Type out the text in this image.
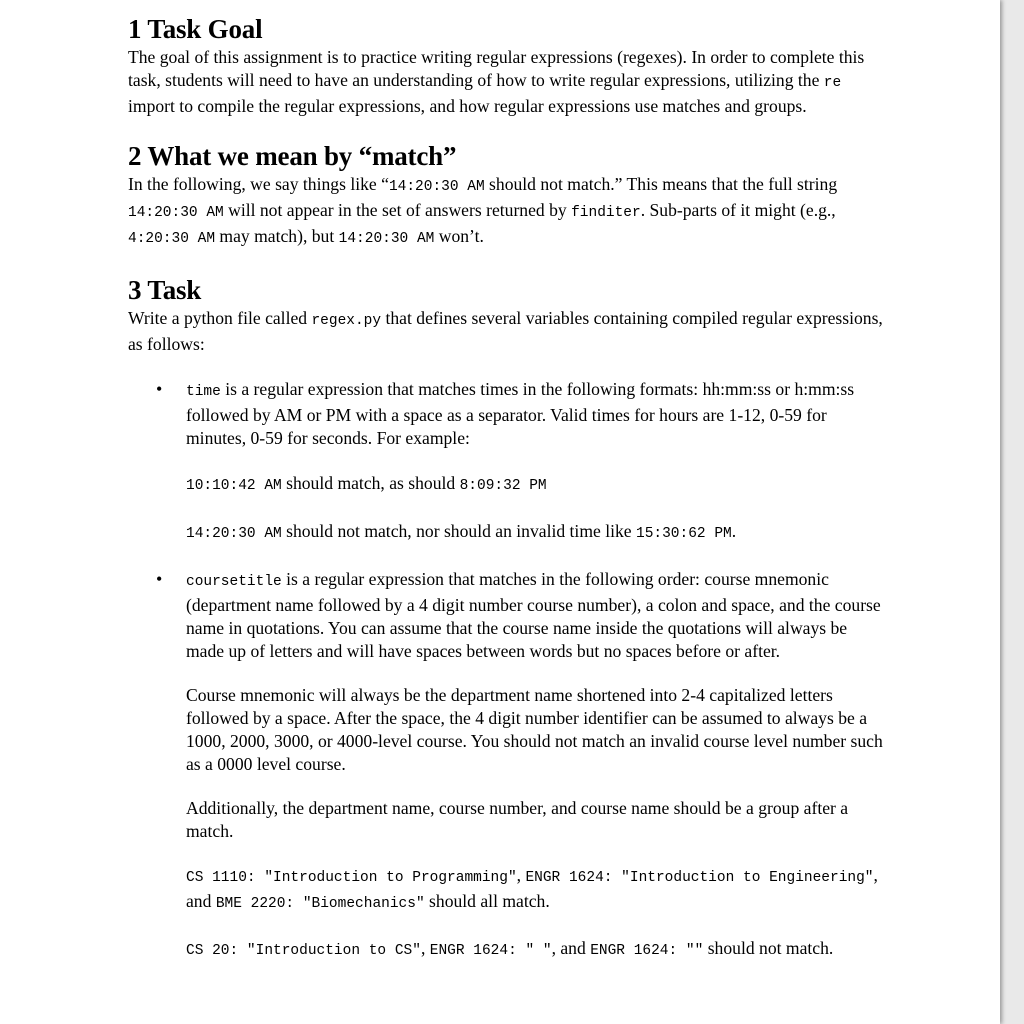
1 Task Goal

The goal of this assignment is to practice writing regular expressions (regexes). In order to complete this task, students will need to have an understanding of how to write regular expressions, utilizing the re import to compile the regular expressions, and how regular expressions use matches and groups.

2 What we mean by “match”

In the following, we say things like “14:20:30 AM should not match.” This means that the full string 14:20:30 AM will not appear in the set of answers returned by finditer. Sub-parts of it might (e.g., 4:20:30 AM may match), but 14:20:30 AM won’t.

3 Task

Write a python file called regex.py that defines several variables containing compiled regular expressions, as follows:

• time is a regular expression that matches times in the following formats: hh:mm:ss or h:mm:ss followed by AM or PM with a space as a separator. Valid times for hours are 1-12, 0-59 for minutes, 0-59 for seconds. For example:

10:10:42 AM should match, as should 8:09:32 PM

14:20:30 AM should not match, nor should an invalid time like 15:30:62 PM.

• coursetitle is a regular expression that matches in the following order: course mnemonic (department name followed by a 4 digit number course number), a colon and space, and the course name in quotations. You can assume that the course name inside the quotations will always be made up of letters and will have spaces between words but no spaces before or after.

Course mnemonic will always be the department name shortened into 2-4 capitalized letters followed by a space. After the space, the 4 digit number identifier can be assumed to always be a 1000, 2000, 3000, or 4000-level course. You should not match an invalid course level number such as a 0000 level course.

Additionally, the department name, course number, and course name should be a group after a match.

CS 1110: "Introduction to Programming", ENGR 1624: "Introduction to Engineering", and BME 2220: "Biomechanics" should all match.

CS 20: "Introduction to CS", ENGR 1624: " ", and ENGR 1624: "" should not match.
